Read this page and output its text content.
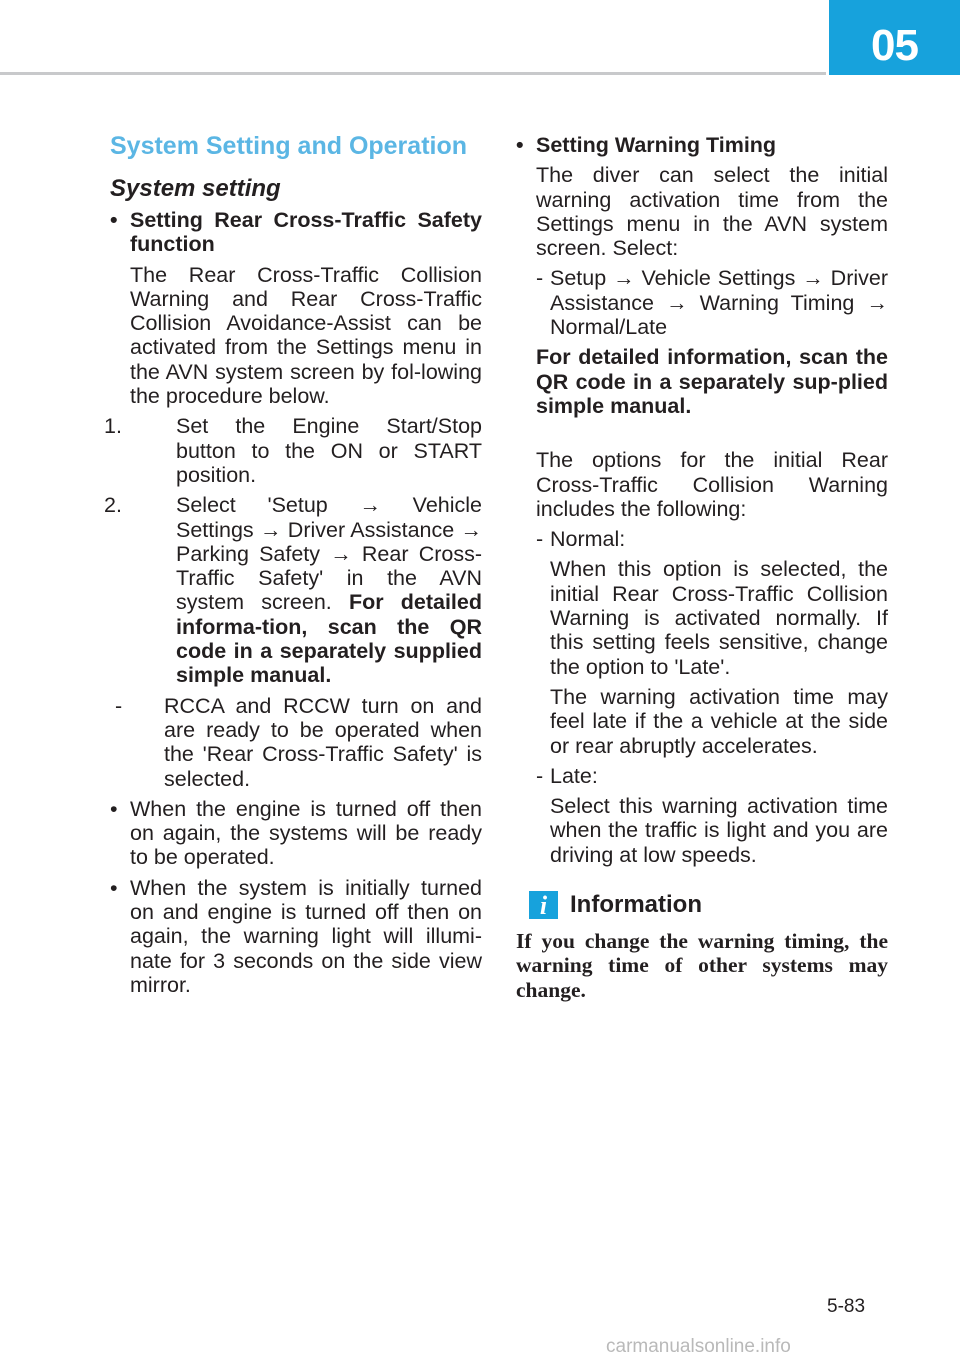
05
System Setting and Operation
System setting
• Setting Rear Cross-Traffic Safety function

The Rear Cross-Traffic Collision Warning and Rear Cross-Traffic Collision Avoidance-Assist can be activated from the Settings menu in the AVN system screen by fol-lowing the procedure below.

1.	Set the Engine Start/Stop button to the ON or START position.
2.	Select 'Setup → Vehicle Settings → Driver Assistance → Parking Safety → Rear Cross-Traffic Safety' in the AVN system screen. For detailed informa-tion, scan the QR code in a separately supplied simple manual.
- RCCA and RCCW turn on and are ready to be operated when the 'Rear Cross-Traffic Safety' is selected.
• When the engine is turned off then on again, the systems will be ready to be operated.
• When the system is initially turned on and engine is turned off then on again, the warning light will illumi-nate for 3 seconds on the side view mirror.
• Setting Warning Timing

The diver can select the initial warning activation time from the Settings menu in the AVN system screen. Select:

- Setup → Vehicle Settings → Driver Assistance → Warning Timing → Normal/Late

For detailed information, scan the QR code in a separately sup-plied simple manual.

The options for the initial Rear Cross-Traffic Collision Warning includes the following:

- Normal:

When this option is selected, the initial Rear Cross-Traffic Collision Warning is activated normally. If this setting feels sensitive, change the option to 'Late'.

The warning activation time may feel late if the a vehicle at the side or rear abruptly accelerates.

- Late:

Select this warning activation time when the traffic is light and you are driving at low speeds.

i Information

If you change the warning timing, the warning time of other systems may change.

5-83
carmanualsonline.info
